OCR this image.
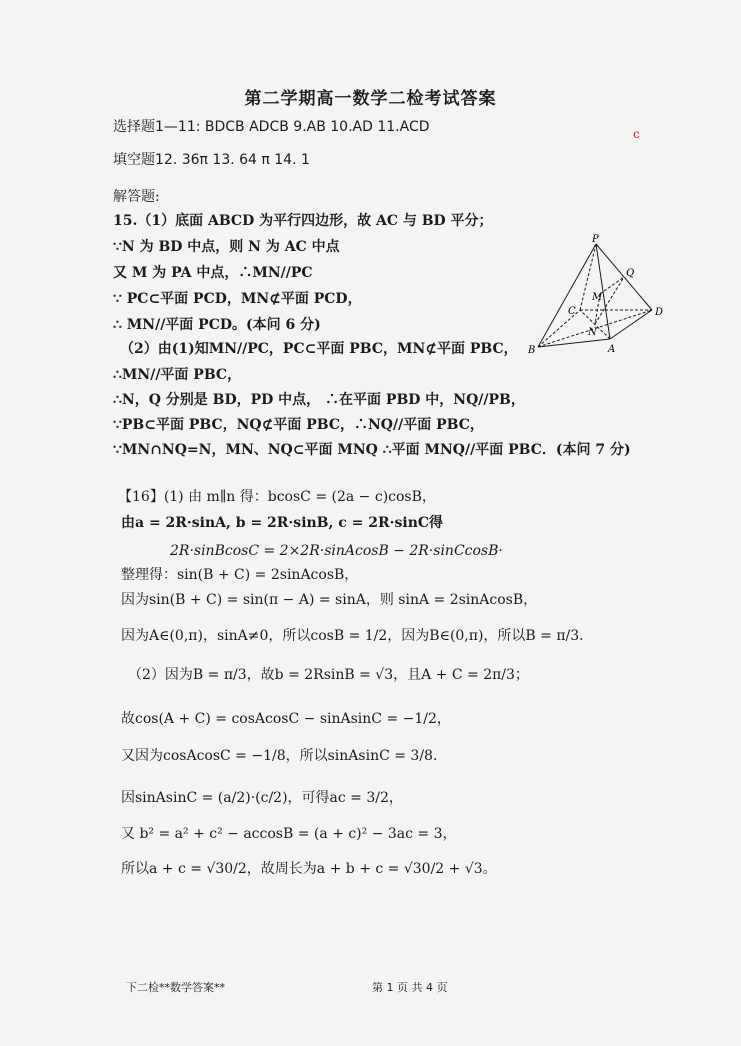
第二学期高一数学二检考试答案
c
选择题1—11: BDCB ADCB 9.AB 10.AD 11.ACD
填空题12. 36π 13. 64 π 14. 1
解答题:
15.（1）底面 ABCD 为平行四边形，故 AC 与 BD 平分；
∵N 为 BD 中点，则 N 为 AC 中点
又 M 为 PA 中点，∴MN//PC
∵ PC⊂平面 PCD，MN⊄平面 PCD，
∴ MN//平面 PCD。(本问 6 分)
（2）由(1)知MN//PC，PC⊂平面 PBC，MN⊄平面 PBC，
∴MN//平面 PBC，
∴N，Q 分别是 BD，PD 中点， ∴在平面 PBD 中，NQ//PB，
∵PB⊂平面 PBC，NQ⊄平面 PBC，∴NQ//平面 PBC，
∵MN∩NQ=N，MN、NQ⊂平面 MNQ ∴平面 MNQ//平面 PBC．(本问 7 分)
P
Q
M
C	D
B
N
A
【16】(1) 由 m∥n 得：bcosC = (2a − c)cosB，
由a = 2R·sinA, b = 2R·sinB, c = 2R·sinC得
2R·sinBcosC = 2×2R·sinAcosB − 2R·sinCcosB·
整理得：sin(B + C) = 2sinAcosB，
因为sin(B + C) = sin(π − A) = sinA，则 sinA = 2sinAcosB，
因为A∈(0,π)，sinA≠0，所以cosB = 1/2，因为B∈(0,π)，所以B = π/3．
（2）因为B = π/3，故b = 2RsinB = √3，且A + C = 2π/3；
故cos(A + C) = cosAcosC − sinAsinC = −1/2，
又因为cosAcosC = −1/8，所以sinAsinC = 3/8．
因sinAsinC = (a/2)·(c/2)，可得ac = 3/2，
又 b² = a² + c² − accosB = (a + c)² − 3ac = 3，
所以a + c = √30/2，故周长为a + b + c = √30/2 + √3。
下二检**数学答案**	第 1 页 共 4 页
